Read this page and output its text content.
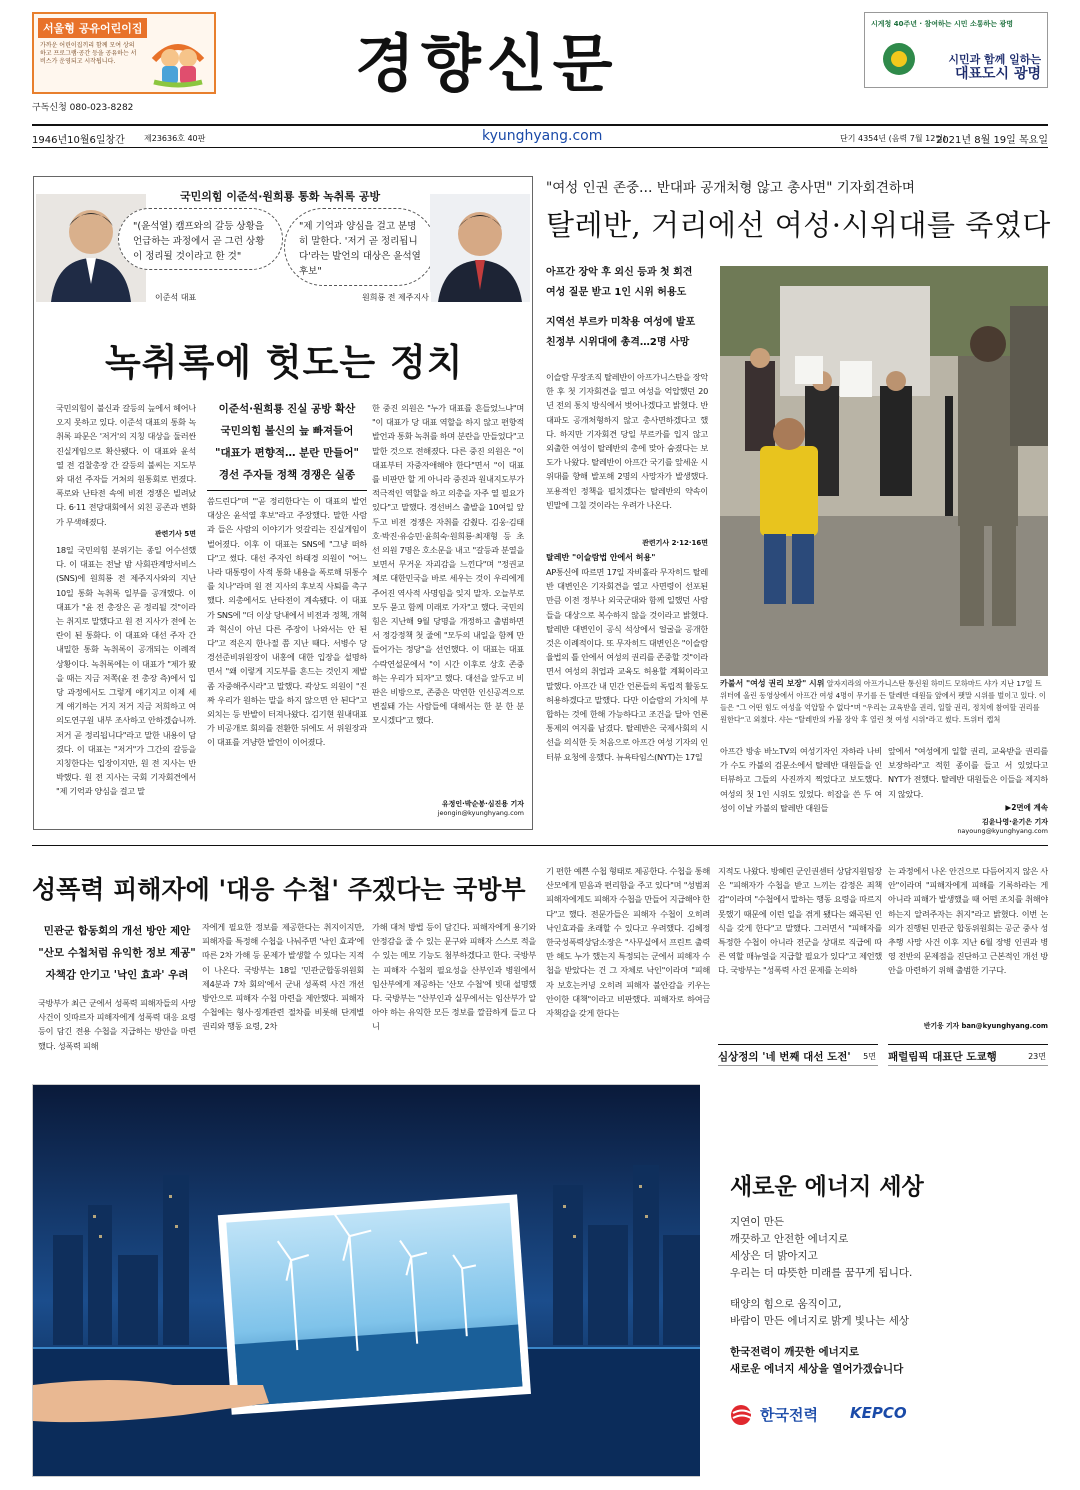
서울형 공유어린이집
가까운 어린이집끼리 함께 모여 상의하고 프로그램·공간 등을 공유하는 서비스가 운영되고 시작됩니다.	경향신문
시게청 40주년 · 참여하는 시민 소통하는 광명
시민과 함께 일하는
대표도시 광명
구독신청 080-023-8282
1946년10월6일창간 제23636호 40판	kyunghyang.com	단기 4354년 (음력 7월 12일)
2021년 8월 19일 목요일
국민의힘 이준석·원희룡 통화 녹취록 공방
"(윤석열) 캠프와의 갈등 상황을 언급하는 과정에서 곧 그런 상황이 정리될 것이라고 한 것"
이준석 대표
"제 기억과 양심을 걸고 분명히 말한다. '저거 곧 정리됩니다'라는 발언의 대상은 윤석열 후보"
원희룡 전 제주지사
녹취록에 헛도는 정치
이준석·원희룡 진실 공방 확산
국민의힘 불신의 늪 빠져들어
"대표가 편향적… 분란 만들어"
경선 주자들 정책 경쟁은 실종
국민의힘이 불신과 갈등의 늪에서 헤어나오지 못하고 있다. 이준석 대표의 통화 녹취록 파문은 '저거'의 지칭 대상을 둘러싼 진실게임으로 확산됐다. 이 대표와 윤석열 전 검찰총장 간 갈등의 불씨는 지도부와 대선 주자들 거쳐의 원통회로 번졌다. 폭로와 난타전 속에 비전 경쟁은 빌려났다. 6·11 전당대회에서 외친 공존과 변화가 무색해졌다.
관련기사 5면
18일 국민의힘 분위기는 종일 어수선했다. 이 대표는 전날 밤 사회관계망서비스(SNS)에 원희룡 전 제주지사와의 지난 10일 통화 녹취록 일부를 공개했다. 이 대표가 "윤 전 총장은 곧 정리될 것"이라는 취지로 말했다고 원 전 지사가 전에 논란이 된 통화다. 이 대표와 대선 주자 간 내밀한 통화 녹취록이 공개되는 이례적 상황이다. 녹취록에는 이 대표가 "제가 봤을 때는 지금 저쪽(윤 전 총장 측)에서 입당 과정에서도 그렇게 얘기지고 이제 세게 얘기하는 거지 저거 지금 저희하고 여의도연구원 내부 조사하고 안하겠습니까. 저거 곧 정리됩니다"라고 말한 내용이 담겼다. 이 대표는 "저거"가 그간의 갈등을 지칭한다는 입장이지만, 원 전 지사는 반박했다. 원 전 지사는 국회 기자회견에서 "제 기억과 양심을 걸고 말
씀드린다"며 "'곧 정리한다'는 이 대표의 발언 대상은 윤석열 후보"라고 주장했다. 말한 사람과 들은 사람의 이야기가 엇갈리는 진실게임이 벌어졌다. 이후 이 대표는 SNS에 "그냥 떠하다"고 썼다. 대선 주자인 하태경 의원이 "어느 나라 대통령이 사적 통화 내용을 폭로해 뒤통수를 치나"라며 원 전 지사의 후보직 사퇴를 촉구했다. 의총에서도 난타전이 계속됐다. 이 대표가 SNS에 "더 이상 당내에서 비전과 정책, 개혁과 혁신이 아닌 다른 주장이 나와서는 안 된다"고 적은지 한나절 쯤 지난 때다. 서병수 당 경선준비위원장이 내홍에 대한 입장을 설명하면서 "왜 이렇게 지도부를 흔드는 것인지 제발 좀 자중해주시라"고 말했다. 곽상도 의원이 "진짜 우리가 원하는 말을 하지 않으면 안 된다"고 외치는 등 반발이 터져나왔다. 김기현 원내대표가 비공개로 회의를 전환한 뒤에도 서 위원장과 이 대표를 겨냥한 발언이 이어졌다.
한 중진 의원은 "누가 대표를 흔들었느냐"며 "이 대표가 당 대표 역할을 하지 않고 편향적 발언과 통화 녹취를 하며 분란을 만들었다"고 말한 것으로 전해졌다. 다른 중진 의원은 "이 대표부터 자중자애해야 한다"면서 "이 대표를 비판만 할 게 아니라 중진과 원내지도부가 적극적인 역할을 하고 의총을 자주 열 필요가 있다"고 말했다. 경선버스 출발을 10여일 앞두고 비전 경쟁은 자취를 감췄다. 김웅·김태호·박진·유승민·윤희숙·원희룡·최재형 등 초선 의원 7명은 호소문을 내고 "갈등과 분열을 보면서 무거운 자괴감을 느낀다"며 "정권교체로 대한민국을 바로 세우는 것이 우리에게 주어진 역사적 사명임을 잊지 말자. 오늘부로 모두 묻고 함께 미래로 가자"고 했다. 국민의힘은 지난해 9월 당명을 개정하고 출범하면서 정강정책 첫 줄에 "모두의 내일을 함께 만들어가는 정당"을 선언했다. 이 대표는 대표 수락연설문에서 "이 시간 이후로 상호 존중 하는 우리가 되자"고 했다. 대선을 앞두고 비판은 비방으로, 존중은 막연한 인신공격으로 변질돼 가는 사람들에 대해서는 한 분 한 분 모시겠다"고 했다.
유정인·박순봉·심진용 기자
jeongin@kyunghyang.com
"여성 인권 존중… 반대파 공개처형 않고 총사면" 기자회견하며
탈레반, 거리에선 여성·시위대를 죽였다
아프간 장악 후 외신 등과 첫 회견
여성 질문 받고 1인 시위 허용도
지역선 부르카 미착용 여성에 발포
친정부 시위대에 총격…2명 사망
이슬람 무장조직 탈레반이 아프가니스탄을 장악한 후 첫 기자회견을 열고 여성을 억압했던 20년 전의 통치 방식에서 벗어나겠다고 밝혔다. 반대파도 공개처형하지 않고 총사면하겠다고 했다. 하지만 기자회견 당일 부르카를 입지 않고 외출한 여성이 탈레반의 총에 맞아 숨졌다는 보도가 나왔다. 탈레반이 아프간 국기를 앞세운 시위대를 향해 발포해 2명의 사망자가 발생했다. 포용적인 정책을 펼치겠다는 탈레반의 약속이 빈말에 그칠 것이라는 우려가 나온다.
관련기사 2·12·16면
탈레반 "이슬람법 안에서 허용"
AP통신에 따르면 17일 자비훌라 무자히드 탈레반 대변인은 기자회견을 열고 사면령이 선포된 만큼 이전 정부나 외국군대와 함께 일했던 사람들을 대상으로 복수하지 않을 것이라고 밝혔다. 탈레반 대변인이 공식 석상에서 얼굴을 공개한 것은 이례적이다. 또 무자히드 대변인은 "이슬람 율법의 틀 안에서 여성의 권리를 존중할 것"이라면서 여성의 취업과 교육도 허용할 계획이라고 말했다. 아프간 내 민간 언론들의 독립적 활동도 허용하겠다고 말했다. 다만 이슬람의 가치에 부합하는 것에 한해 가능하다고 조건을 달아 언론 통제의 여지를 남겼다. 탈레반은 국제사회의 시선을 의식한 듯 처음으로 아프간 여성 기자의 인터뷰 요청에 응했다. 뉴욕타임스(NYT)는 17일
카불서 "여성 권리 보장" 시위 알자지라의 아프가니스탄 통신원 하미드 모하마드 샤가 지난 17일 트위터에 올린 동영상에서 아프간 여성 4명이 무기를 든 탈레반 대원들 앞에서 팻말 시위를 벌이고 있다. 이들은 "그 어떤 힘도 여성을 억압할 수 없다"며 "우리는 교육받을 권리, 일할 권리, 정치에 참여할 권리를 원한다"고 외쳤다. 샤는 "탈레반의 카불 장악 후 열린 첫 여성 시위"라고 썼다. 트위터 캡처
아프간 방송 바노TV의 여성기자인 자하라 나비가 수도 카불의 검문소에서 탈레반 대원들을 인터뷰하고 그들의 사진까지 찍었다고 보도했다. 여성의 첫 1인 시위도 있었다. 히잡을 쓴 두 여성이 이날 카불의 탈레반 대원들
앞에서 "여성에게 일할 권리, 교육받을 권리를 보장하라"고 적힌 종이를 들고 서 있었다고 NYT가 전했다. 탈레반 대원들은 이들을 제지하지 않았다.
▶2면에 계속
김윤나영·윤기은 기자
nayoung@kyunghyang.com
성폭력 피해자에 '대응 수첩' 주겠다는 국방부
민관군 합동회의 개선 방안 제안
"산모 수첩처럼 유익한 정보 제공"
자책감 안기고 '낙인 효과' 우려
국방부가 최근 군에서 성폭력 피해자들의 사망 사건이 잇따르자 피해자에게 성폭력 대응 요령 등이 담긴 전용 수첩을 지급하는 방안을 마련했다. 성폭력 피해
자에게 필요한 정보를 제공한다는 취지이지만, 피해자를 특정해 수첩을 나눠주면 '낙인 효과'에 따른 2차 가해 등 문제가 발생할 수 있다는 지적이 나온다. 국방부는 18일 '민관군합동위원회 제4분과 7차 회의'에서 군내 성폭력 사건 개선 방안으로 피해자 수첩 마련을 제안했다. 피해자 수첩에는 형사·징계관련 절차를 비롯해 단계별 권리와 행동 요령, 2차
가해 대처 방법 등이 담긴다. 피해자에게 용기와 안정감을 줄 수 있는 문구와 피해자 스스로 적을 수 있는 메모 기능도 첨부하겠다고 한다. 국방부는 피해자 수첩의 필요성을 산부인과 병원에서 임산부에게 제공하는 '산모 수첩'에 빗대 설명했다. 국방부는 "산부인과 실무에서는 임산부가 알아야 하는 유익한 모든 정보를 깔끔하게 들고 다니
기 편한 예쁜 수첩 형태로 제공한다. 수첩을 통해 산모에게 믿음과 편리함을 주고 있다"며 "성범죄 피해자에게도 피해자 수첩을 만들어 지급해야 한다"고 했다. 전문가들은 피해자 수첩이 오히려 낙인효과를 초래할 수 있다고 우려했다. 김혜정 한국성폭력상담소장은 "사무실에서 프린트 출력만 해도 누가 했는지 특정되는 군에서 피해자 수첩을 받았다는 건 그 자체로 낙인"이라며 "피해자 보호는커녕 오히려 피해자 불안감을 키우는 안이한 대책"이라고 비판했다. 피해자로 하여금 자책감을 갖게 한다는
지적도 나왔다. 방혜린 군인권센터 상담지원팀장은 "피해자가 수첩을 받고 느끼는 감정은 죄책감"이라며 "수첩에서 말하는 행동 요령을 따르지 못했기 때문에 이런 일을 겪게 됐다는 왜곡된 인식을 갖게 한다"고 말했다. 그러면서 "피해자를 특정한 수첩이 아니라 전군을 상대로 직급에 따른 역할 매뉴얼을 지급할 필요가 있다"고 제언했다. 국방부는 "성폭력 사건 문제를 논의하
는 과정에서 나온 안건으로 다듬어지지 않은 사안"이라며 "피해자에게 피해를 기록하라는 게 아니라 피해가 발생했을 때 어떤 조치를 취해야 하는지 알려주자는 취지"라고 밝혔다. 이번 논의가 진행된 민관군 합동위원회는 공군 중사 성추행 사망 사건 이후 지난 6월 장병 인권과 병영 전반의 문제점을 진단하고 근본적인 개선 방안을 마련하기 위해 출범한 기구다.
반기웅 기자 ban@kyunghyang.com
심상정의 '네 번째 대선 도전' 5면 패럴림픽 대표단 도쿄행	23면
새로운 에너지 세상
지연이 만든
깨끗하고 안전한 에너지로
세상은 더 밝아지고
우리는 더 따뜻한 미래를 꿈꾸게 됩니다.
태양의 힘으로 움직이고,
바람이 만든 에너지로 밝게 빛나는 세상
한국전력이 깨끗한 에너지로
새로운 에너지 세상을 열어가겠습니다
한국전력 KEPCO
